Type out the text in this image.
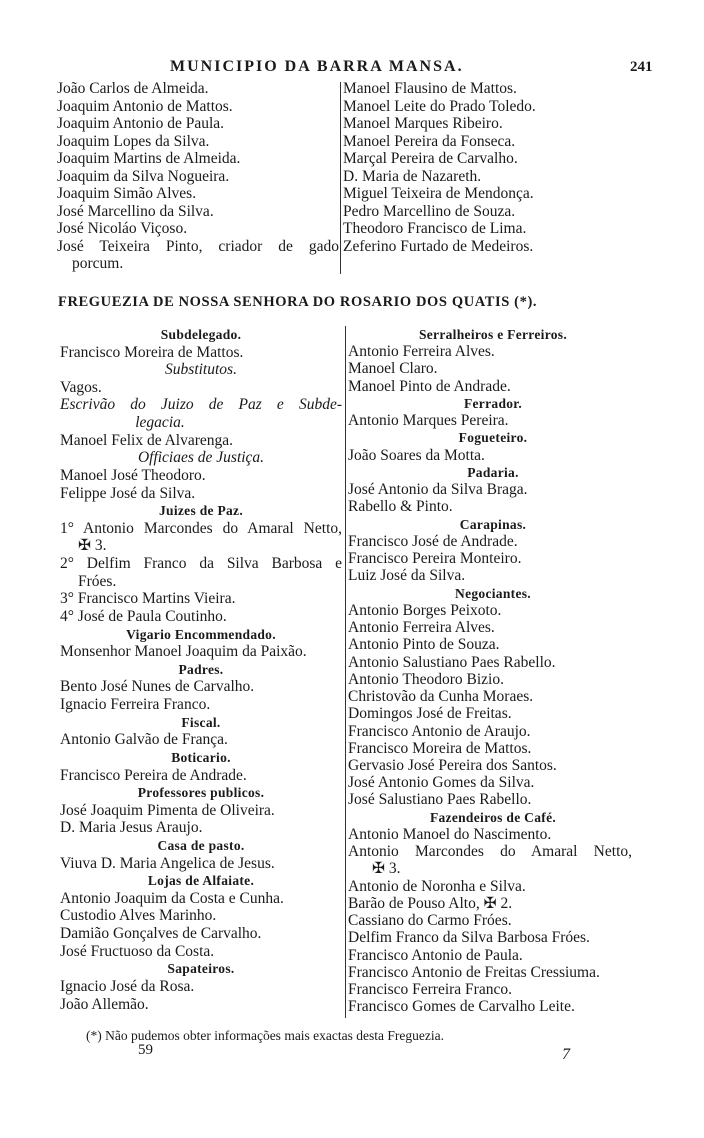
MUNICIPIO DA BARRA MANSA.	241
João Carlos de Almeida.
Joaquim Antonio de Mattos.
Joaquim Antonio de Paula.
Joaquim Lopes da Silva.
Joaquim Martins de Almeida.
Joaquim da Silva Nogueira.
Joaquim Simão Alves.
José Marcellino da Silva.
José Nicoláo Viçoso.
José Teixeira Pinto, criador de gado
porcum.
Manoel Flausino de Mattos.
Manoel Leite do Prado Toledo.
Manoel Marques Ribeiro.
Manoel Pereira da Fonseca.
Marçal Pereira de Carvalho.
D. Maria de Nazareth.
Miguel Teixeira de Mendonça.
Pedro Marcellino de Souza.
Theodoro Francisco de Lima.
Zeferino Furtado de Medeiros.
FREGUEZIA DE NOSSA SENHORA DO ROSARIO DOS QUATIS (*).
Subdelegado.
Francisco Moreira de Mattos.
Substitutos.
Vagos.
Escrivão do Juizo de Paz e Subde-
legacia.
Manoel Felix de Alvarenga.
Officiaes de Justiça.
Manoel José Theodoro.
Felippe José da Silva.
Juizes de Paz.
1° Antonio Marcondes do Amaral Netto,
✠ 3.
2° Delfim Franco da Silva Barbosa e
Fróes.
3° Francisco Martins Vieira.
4° José de Paula Coutinho.
Vigario Encommendado.
Monsenhor Manoel Joaquim da Paixão.
Padres.
Bento José Nunes de Carvalho.
Ignacio Ferreira Franco.
Fiscal.
Antonio Galvão de França.
Boticario.
Francisco Pereira de Andrade.
Professores publicos.
José Joaquim Pimenta de Oliveira.
D. Maria Jesus Araujo.
Casa de pasto.
Viuva D. Maria Angelica de Jesus.
Lojas de Alfaiate.
Antonio Joaquim da Costa e Cunha.
Custodio Alves Marinho.
Damião Gonçalves de Carvalho.
José Fructuoso da Costa.
Sapateiros.
Ignacio José da Rosa.
João Allemão.
Serralheiros e Ferreiros.
Antonio Ferreira Alves.
Manoel Claro.
Manoel Pinto de Andrade.
Ferrador.
Antonio Marques Pereira.
Fogueteiro.
João Soares da Motta.
Padaria.
José Antonio da Silva Braga.
Rabello & Pinto.
Carapinas.
Francisco José de Andrade.
Francisco Pereira Monteiro.
Luiz José da Silva.
Negociantes.
Antonio Borges Peixoto.
Antonio Ferreira Alves.
Antonio Pinto de Souza.
Antonio Salustiano Paes Rabello.
Antonio Theodoro Bizio.
Christovão da Cunha Moraes.
Domingos José de Freitas.
Francisco Antonio de Araujo.
Francisco Moreira de Mattos.
Gervasio José Pereira dos Santos.
José Antonio Gomes da Silva.
José Salustiano Paes Rabello.
Fazendeiros de Café.
Antonio Manoel do Nascimento.
Antonio Marcondes do Amaral Netto,
✠ 3.
Antonio de Noronha e Silva.
Barão de Pouso Alto, ✠ 2.
Cassiano do Carmo Fróes.
Delfim Franco da Silva Barbosa Fróes.
Francisco Antonio de Paula.
Francisco Antonio de Freitas Cressiuma.
Francisco Ferreira Franco.
Francisco Gomes de Carvalho Leite.
(*) Não pudemos obter informações mais exactas desta Freguezia.
59	7
